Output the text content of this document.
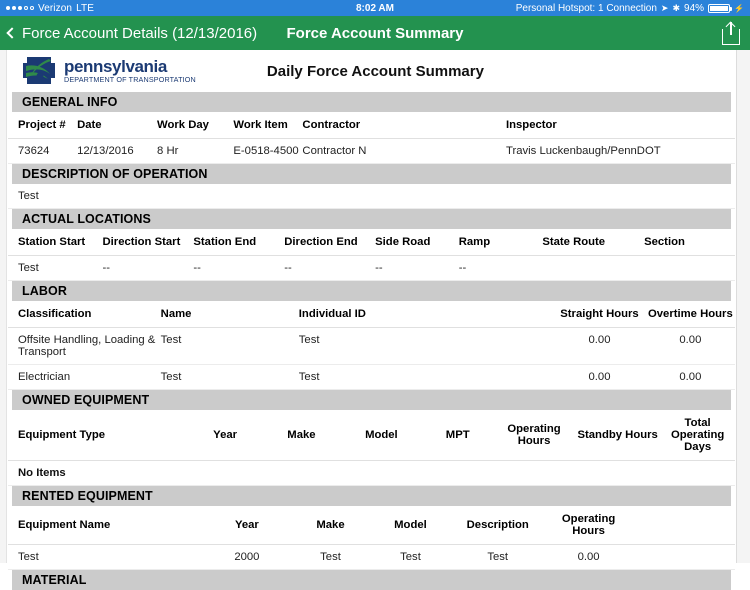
Verizon LTE	8:02 AM	Personal Hotspot: 1 Connection ➤ ✱ 94%	⚡
Force Account Details (12/13/2016)	Force Account Summary
pennsylvania
DEPARTMENT OF TRANSPORTATION
Daily Force Account Summary
GENERAL INFO
Project #	Date	Work Day	Work Item	Contractor	Inspector
73624	12/13/2016	8 Hr	E-0518-4500	Contractor N	Travis Luckenbaugh/PennDOT
DESCRIPTION OF OPERATION
Test
ACTUAL LOCATIONS
Station Start	Direction Start	Station End	Direction End	Side Road	Ramp	State Route	Section
Test	--	--	--	--	--		
LABOR
Classification	Name	Individual ID	Straight Hours	Overtime Hours
Offsite Handling, Loading & Transport	Test	Test	0.00	0.00
Electrician	Test	Test	0.00	0.00
OWNED EQUIPMENT
Equipment Type	Year	Make	Model	MPT	Operating Hours	Standby Hours	Total Operating Days
No Items
RENTED EQUIPMENT
Equipment Name	Year	Make	Model	Description	Operating Hours	
Test	2000	Test	Test	Test	0.00	
MATERIAL
